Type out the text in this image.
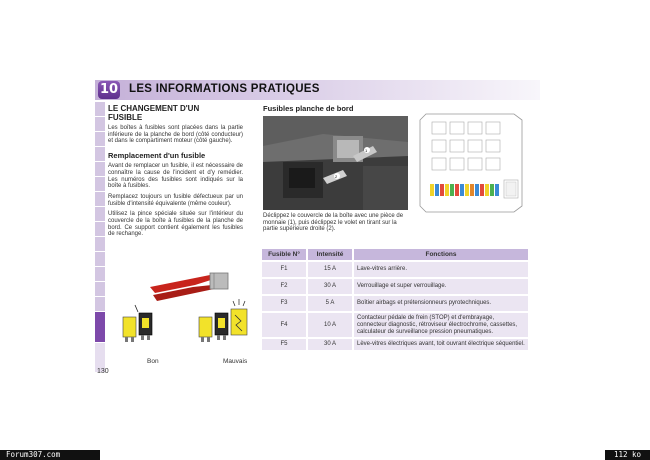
10 LES INFORMATIONS PRATIQUES
LE CHANGEMENT D'UN
FUSIBLE

Les boîtes à fusibles sont placées dans la partie inférieure de la planche de bord (côté conducteur) et dans le compartiment moteur (côté gauche).

Remplacement d'un fusible

Avant de remplacer un fusible, il est nécessaire de connaître la cause de l'incident et d'y remédier. Les numéros des fusibles sont indiqués sur la boîte à fusibles.

Remplacez toujours un fusible défectueux par un fusible d'intensité équivalente (même couleur).

Utilisez la pince spéciale située sur l'intérieur du couvercle de la boîte à fusibles de la planche de bord. Ce support contient également les fusibles de rechange.

Bon	Mauvais
130
Fusibles planche de bord
1
2
Déclippez le couvercle de la boîte avec une pièce de monnaie (1), puis déclippez le volet en tirant sur la partie supérieure droite (2).
Fusible N°	Intensité	Fonctions
F1	15 A	Lave-vitres arrière.
F2	30 A	Verrouillage et super verrouillage.
F3	5 A	Boîtier airbags et prétensionneurs pyrotechniques.
F4	10 A	Contacteur pédale de frein (STOP) et d'embrayage, connecteur diagnostic, rétroviseur électrochrome, cassettes, calculateur de surveillance pression pneumatiques.
F5	30 A	Lève-vitres électriques avant, toit ouvrant électrique séquentiel.
Forum307.com	112 ko
